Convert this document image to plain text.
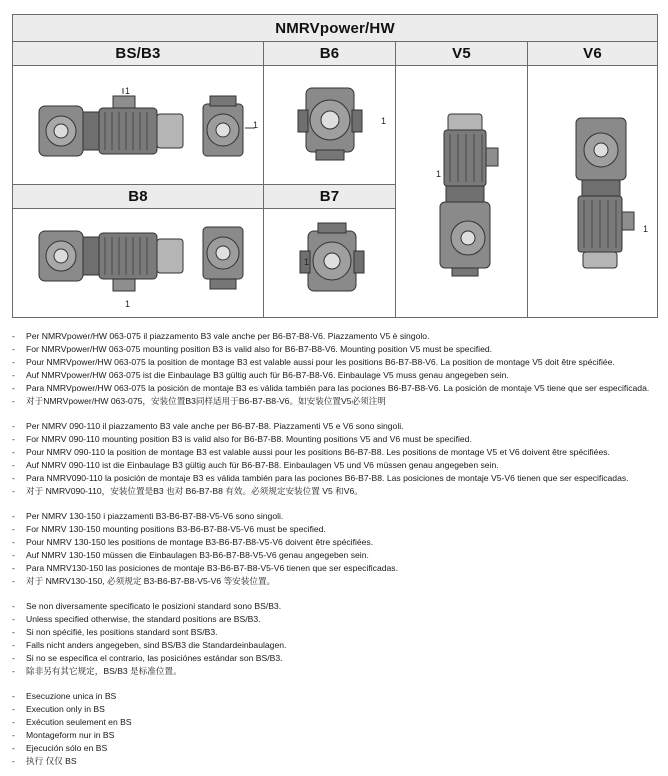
NMRVpower/HW
BS/B3	B6	V5	V6
1
1	1
1
1
B8	B7
1
1
-	Per NMRVpower/HW 063-075 il piazzamento B3 vale anche per B6-B7-B8-V6. Piazzamento V5 è singolo.
-	For NMRVpower/HW 063-075 mounting position B3 is valid also for B6-B7-B8-V6. Mounting position V5 must be specified.
-	Pour NMRVpower/HW 063-075 la position de montage B3 est valable aussi pour les positions B6-B7-B8-V6. La position de montage V5 doit être spécifiée.
-	Auf NMRVpower/HW 063-075 ist die Einbaulage B3 gültig auch für B6-B7-B8-V6. Einbaulage V5 muss genau angegeben sein.
-	Para NMRVpower/HW 063-075 la posición de montaje B3 es válida también para las pociones B6-B7-B8-V6. La posición de montaje V5 tiene que ser especificada.
-	对于NMRVpower/HW 063-075，安装位置B3同样适用于B6-B7-B8-V6。如安装位置V5必须注明
-	Per NMRV 090-110 il piazzamento B3 vale anche per B6-B7-B8. Piazzamenti V5 e V6 sono singoli.
-	For NMRV 090-110 mounting position B3 is valid also for B6-B7-B8. Mounting positions V5 and V6 must be specified.
-	Pour NMRV 090-110 la position de montage B3 est valable aussi pour les positions B6-B7-B8. Les positions de montage V5 et V6 doivent être spécifiées.
-	Auf NMRV 090-110 ist die Einbaulage B3 gültig auch für B6-B7-B8. Einbaulagen V5 und V6 müssen genau angegeben sein.
-	Para NMRV090-110 la posición de montaje B3 es válida también para las pociones B6-B7-B8. Las posiciones de montaje V5-V6 tienen que ser especificadas.
-	对于 NMRV090-110，安装位置是B3 也对 B6-B7-B8 有效。必须规定安装位置 V5 和V6。
-	Per NMRV 130-150 i piazzamenti B3-B6-B7-B8-V5-V6 sono singoli.
-	For NMRV 130-150 mounting positions B3-B6-B7-B8-V5-V6 must be specified.
-	Pour NMRV 130-150 les positions de montage B3-B6-B7-B8-V5-V6 doivent être spécifiées.
-	Auf NMRV 130-150 müssen die Einbaulagen B3-B6-B7-B8-V5-V6 genau angegeben sein.
-	Para NMRV130-150 las posiciones de montaje B3-B6-B7-B8-V5-V6 tienen que ser especificadas.
-	对于 NMRV130-150, 必须规定 B3-B6-B7-B8-V5-V6 等安装位置。
-	Se non diversamente specificato le posizioni standard sono BS/B3.
-	Unless specified otherwise, the standard positions are BS/B3.
-	Si non spécifié, les positions standard sont BS/B3.
-	Falls nicht anders angegeben, sind BS/B3 die Standardeinbaulagen.
-	Si no se especifica el contrario, las posiciónes estándar son BS/B3.
-	除非另有其它规定，BS/B3 是标准位置。
-	Esecuzione unica in BS
-	Execution only in BS
-	Exécution seulement en BS
-	Montageform nur in BS
-	Ejecución sólo en BS
-	执行 仅仅 BS
